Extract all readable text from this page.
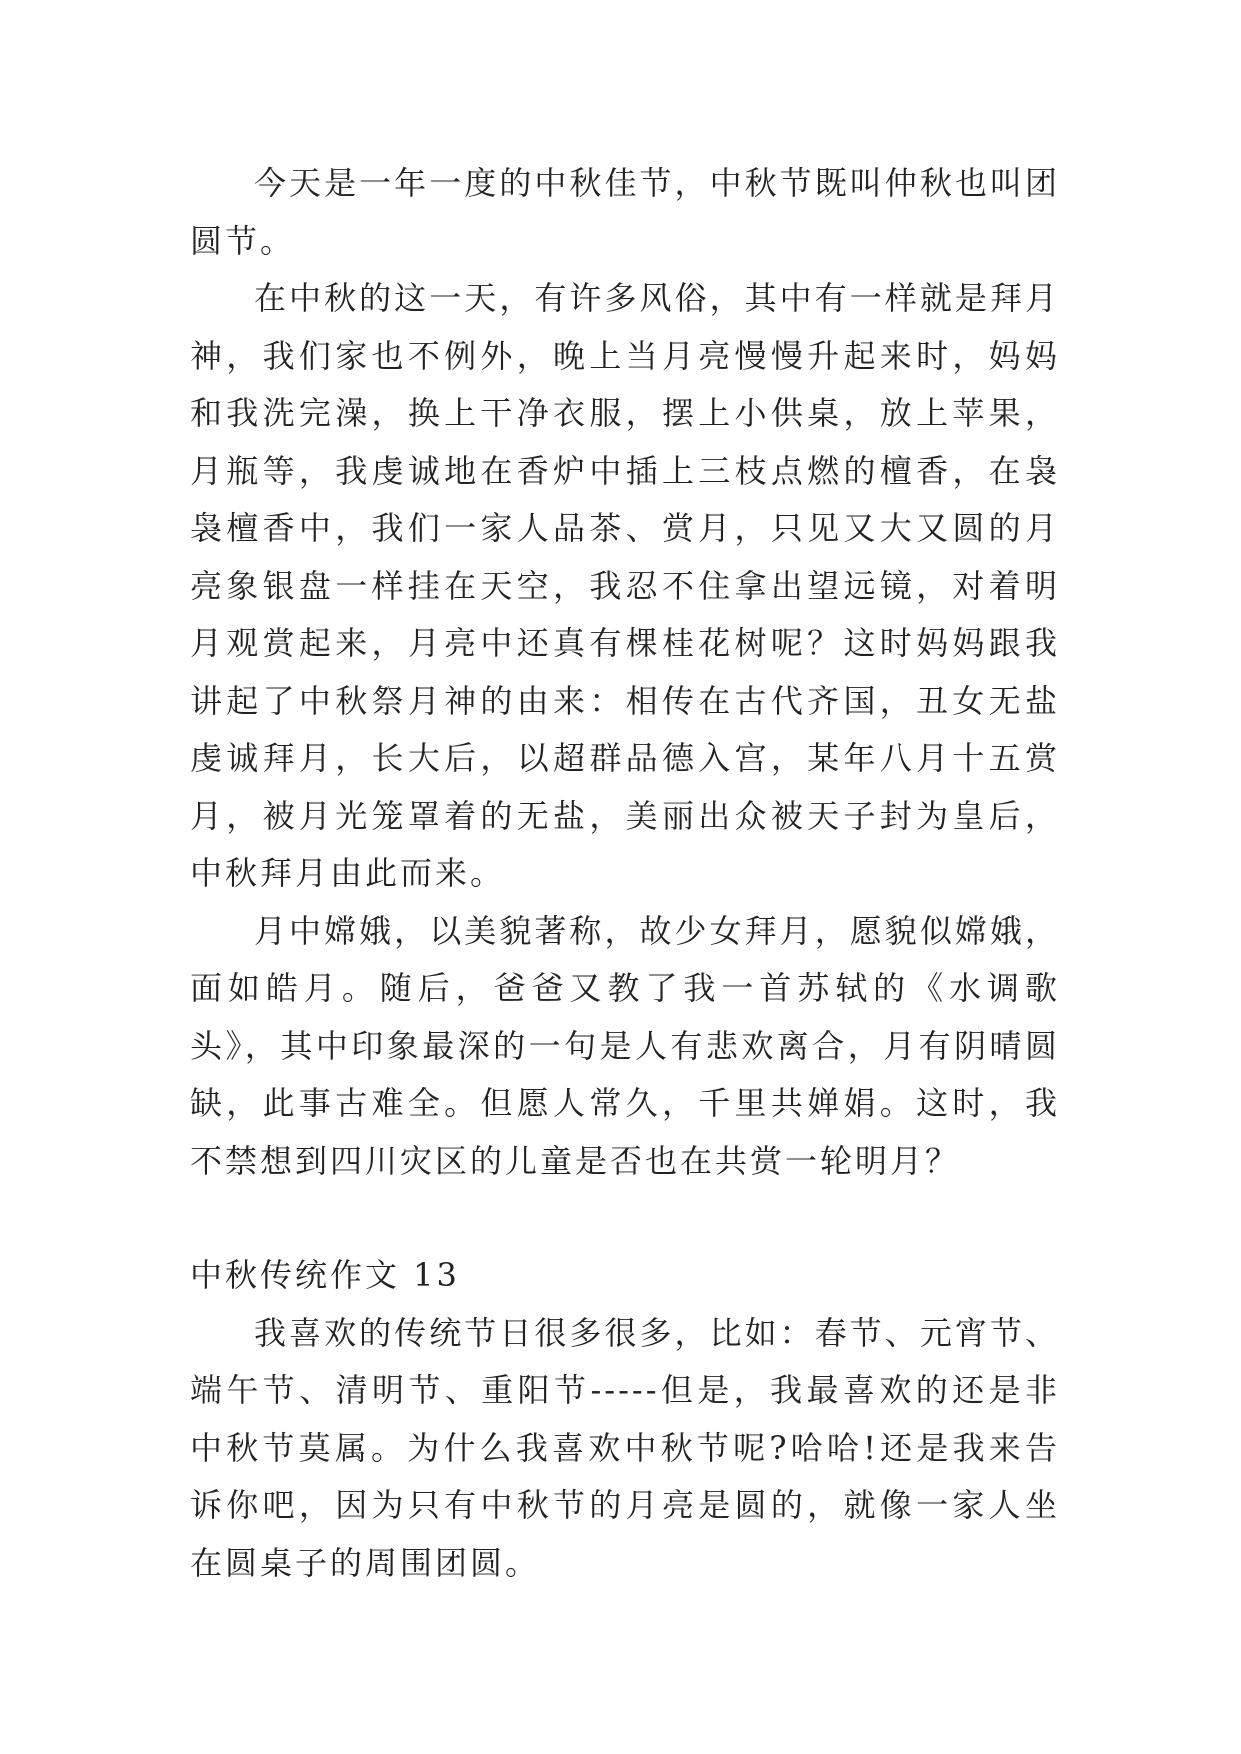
今天是一年一度的中秋佳节，中秋节既叫仲秋也叫团圆节。

在中秋的这一天，有许多风俗，其中有一样就是拜月神，我们家也不例外，晚上当月亮慢慢升起来时，妈妈和我洗完澡，换上干净衣服，摆上小供桌，放上苹果，月瓶等，我虔诚地在香炉中插上三枝点燃的檀香，在袅袅檀香中，我们一家人品茶、赏月，只见又大又圆的月亮象银盘一样挂在天空，我忍不住拿出望远镜，对着明月观赏起来，月亮中还真有棵桂花树呢？这时妈妈跟我讲起了中秋祭月神的由来：相传在古代齐国，丑女无盐虔诚拜月，长大后，以超群品德入宫，某年八月十五赏月，被月光笼罩着的无盐，美丽出众被天子封为皇后，中秋拜月由此而来。

月中嫦娥，以美貌著称，故少女拜月，愿貌似嫦娥，面如皓月。随后，爸爸又教了我一首苏轼的《水调歌头》，其中印象最深的一句是人有悲欢离合，月有阴晴圆缺，此事古难全。但愿人常久，千里共婵娟。这时，我不禁想到四川灾区的儿童是否也在共赏一轮明月？

中秋传统作文 13

我喜欢的传统节日很多很多，比如：春节、元宵节、端午节、清明节、重阳节-----但是，我最喜欢的还是非中秋节莫属。为什么我喜欢中秋节呢?哈哈!还是我来告诉你吧，因为只有中秋节的月亮是圆的，就像一家人坐在圆桌子的周围团圆。
